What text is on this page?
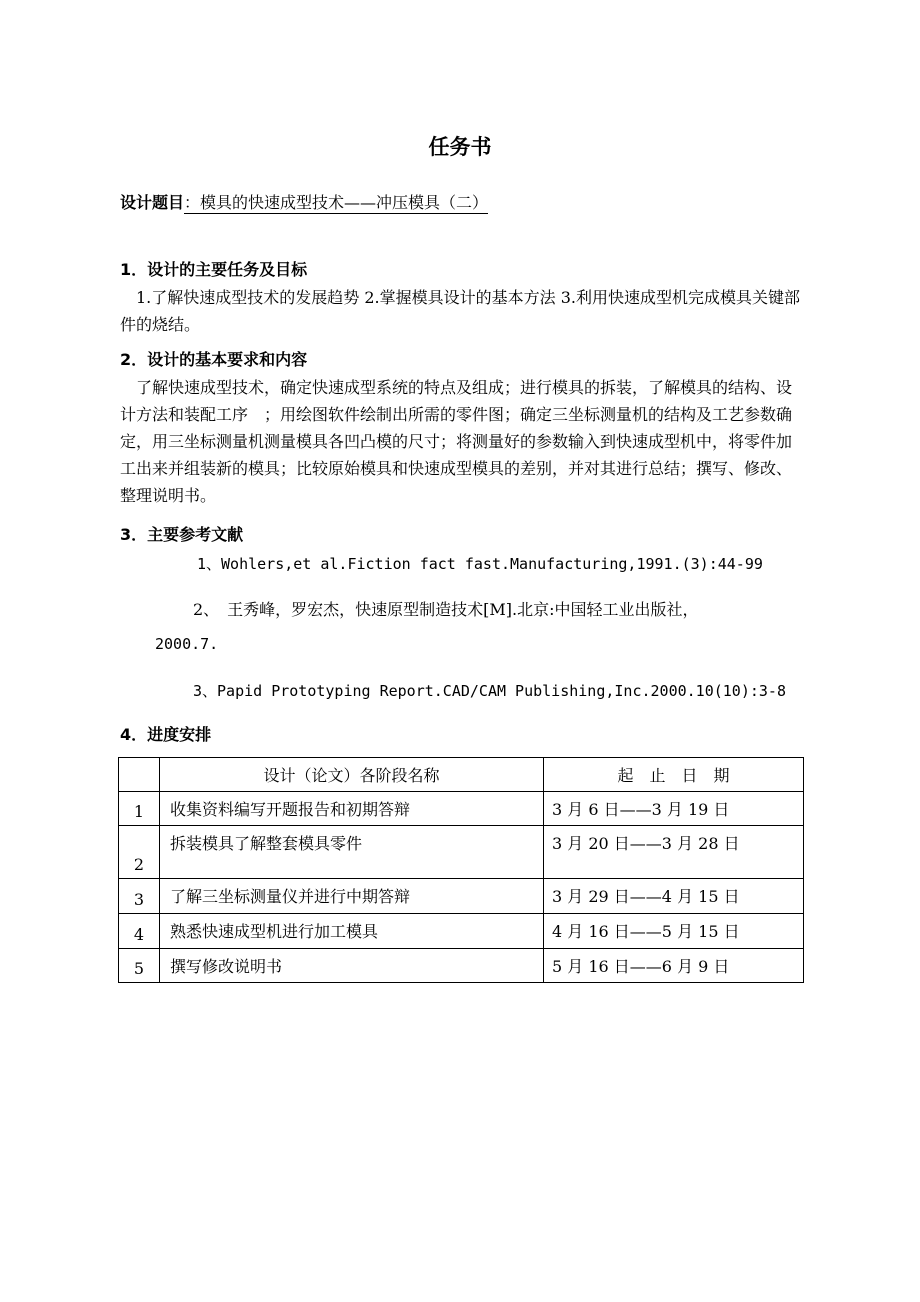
任务书
设计题目：模具的快速成型技术——冲压模具（二）
1．设计的主要任务及目标
　1.了解快速成型技术的发展趋势 2.掌握模具设计的基本方法 3.利用快速成型机完成模具关键部件的烧结。
2．设计的基本要求和内容
　了解快速成型技术，确定快速成型系统的特点及组成；进行模具的拆装，了解模具的结构、设计方法和装配工序　；用绘图软件绘制出所需的零件图；确定三坐标测量机的结构及工艺参数确定，用三坐标测量机测量模具各凹凸模的尺寸；将测量好的参数输入到快速成型机中，将零件加工出来并组装新的模具；比较原始模具和快速成型模具的差别，并对其进行总结；撰写、修改、整理说明书。
3．主要参考文献
1、Wohlers,et al.Fiction fact fast.Manufacturing,1991.(3):44-99
2、　王秀峰，罗宏杰，快速原型制造技术[M].北京:中国轻工业出版社，
2000.7.
3、Papid Prototyping Report.CAD/CAM Publishing,Inc.2000.10(10):3-8
4．进度安排
	设计（论文）各阶段名称	起　止　日　期
1	收集资料编写开题报告和初期答辩	3 月 6 日——3 月 19 日
2	拆装模具了解整套模具零件	3 月 20 日——3 月 28 日
3	了解三坐标测量仪并进行中期答辩	3 月 29 日——4 月 15 日
4	熟悉快速成型机进行加工模具	4 月 16 日——5 月 15 日
5	撰写修改说明书	5 月 16 日——6 月 9 日
